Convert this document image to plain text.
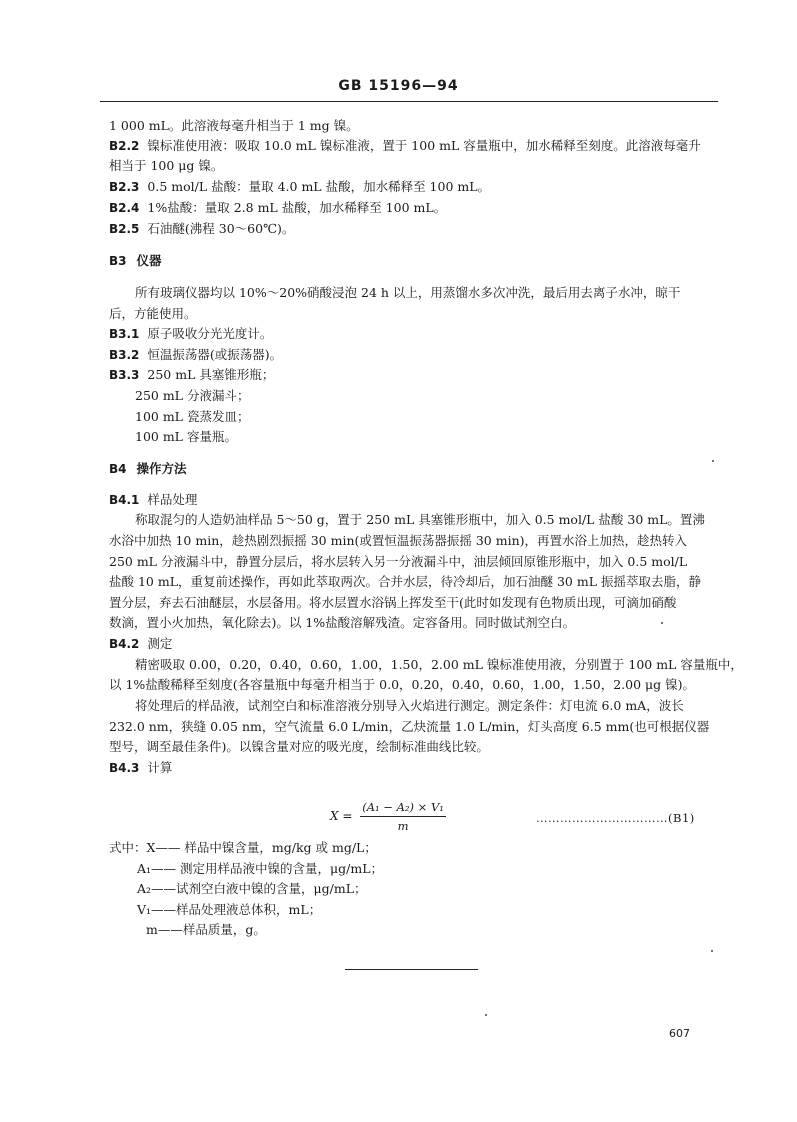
GB 15196—94
1 000 mL。此溶液每毫升相当于 1 mg 镍。
B2.2 镍标准使用液：吸取 10.0 mL 镍标准液，置于 100 mL 容量瓶中，加水稀释至刻度。此溶液每毫升
相当于 100 μg 镍。
B2.3 0.5 mol/L 盐酸：量取 4.0 mL 盐酸，加水稀释至 100 mL。
B2.4 1%盐酸：量取 2.8 mL 盐酸，加水稀释至 100 mL。
B2.5 石油醚(沸程 30～60℃)。
B3 仪器
所有玻璃仪器均以 10%～20%硝酸浸泡 24 h 以上，用蒸馏水多次冲洗，最后用去离子水冲，晾干
后，方能使用。
B3.1 原子吸收分光光度计。
B3.2 恒温振荡器(或振荡器)。
B3.3 250 mL 具塞锥形瓶；
250 mL 分液漏斗；
100 mL 瓷蒸发皿；
100 mL 容量瓶。
B4 操作方法
B4.1 样品处理
称取混匀的人造奶油样品 5～50 g，置于 250 mL 具塞锥形瓶中，加入 0.5 mol/L 盐酸 30 mL。置沸
水浴中加热 10 min，趁热剧烈振摇 30 min(或置恒温振荡器振摇 30 min)，再置水浴上加热，趁热转入
250 mL 分液漏斗中，静置分层后，将水层转入另一分液漏斗中，油层倾回原锥形瓶中，加入 0.5 mol/L
盐酸 10 mL，重复前述操作，再如此萃取两次。合并水层，待冷却后，加石油醚 30 mL 振摇萃取去脂，静
置分层，弃去石油醚层，水层备用。将水层置水浴锅上挥发至干(此时如发现有色物质出现，可滴加硝酸
数滴，置小火加热，氧化除去)。以 1%盐酸溶解残渣。定容备用。同时做试剂空白。
B4.2 测定
精密吸取 0.00，0.20，0.40，0.60，1.00，1.50，2.00 mL 镍标准使用液，分别置于 100 mL 容量瓶中，
以 1%盐酸稀释至刻度(各容量瓶中每毫升相当于 0.0，0.20，0.40，0.60，1.00，1.50，2.00 μg 镍)。
将处理后的样品液，试剂空白和标准溶液分别导入火焰进行测定。测定条件：灯电流 6.0 mA，波长
232.0 nm，狭缝 0.05 nm，空气流量 6.0 L/min，乙炔流量 1.0 L/min，灯头高度 6.5 mm(也可根据仪器
型号，调至最佳条件)。以镍含量对应的吸光度，绘制标准曲线比较。
B4.3 计算
$X = \frac{\text{(A₁ − A₂) × V₁}}{m}$	……………………………(B1)
式中：X—— 样品中镍含量，mg/kg 或 mg/L；
A₁—— 测定用样品液中镍的含量，μg/mL；
A₂——试剂空白液中镍的含量，μg/mL；
V₁——样品处理液总体积，mL；
m——样品质量，g。
607
